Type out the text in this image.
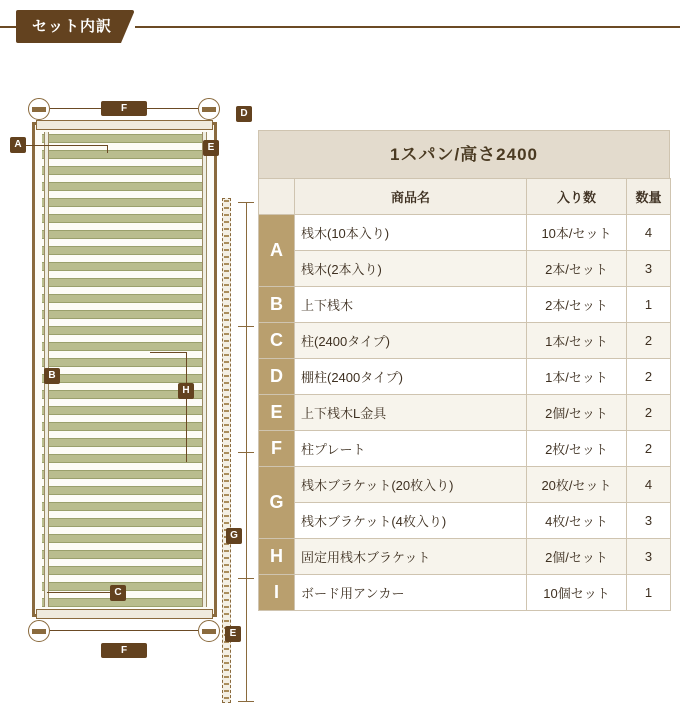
セット内訳
F
F
A
B
C
D
E
E
G
H
1スパン/高さ2400
	商品名	入り数	数量
A	桟木(10本入り)	10本/セット	4
	桟木(2本入り)	2本/セット	3
B	上下桟木	2本/セット	1
C	柱(2400タイプ)	1本/セット	2
D	棚柱(2400タイプ)	1本/セット	2
E	上下桟木L金具	2個/セット	2
F	柱プレート	2枚/セット	2
G	桟木ブラケット(20枚入り)	20枚/セット	4
	桟木ブラケット(4枚入り)	4枚/セット	3
H	固定用桟木ブラケット	2個/セット	3
I	ボード用アンカー	10個セット	1
